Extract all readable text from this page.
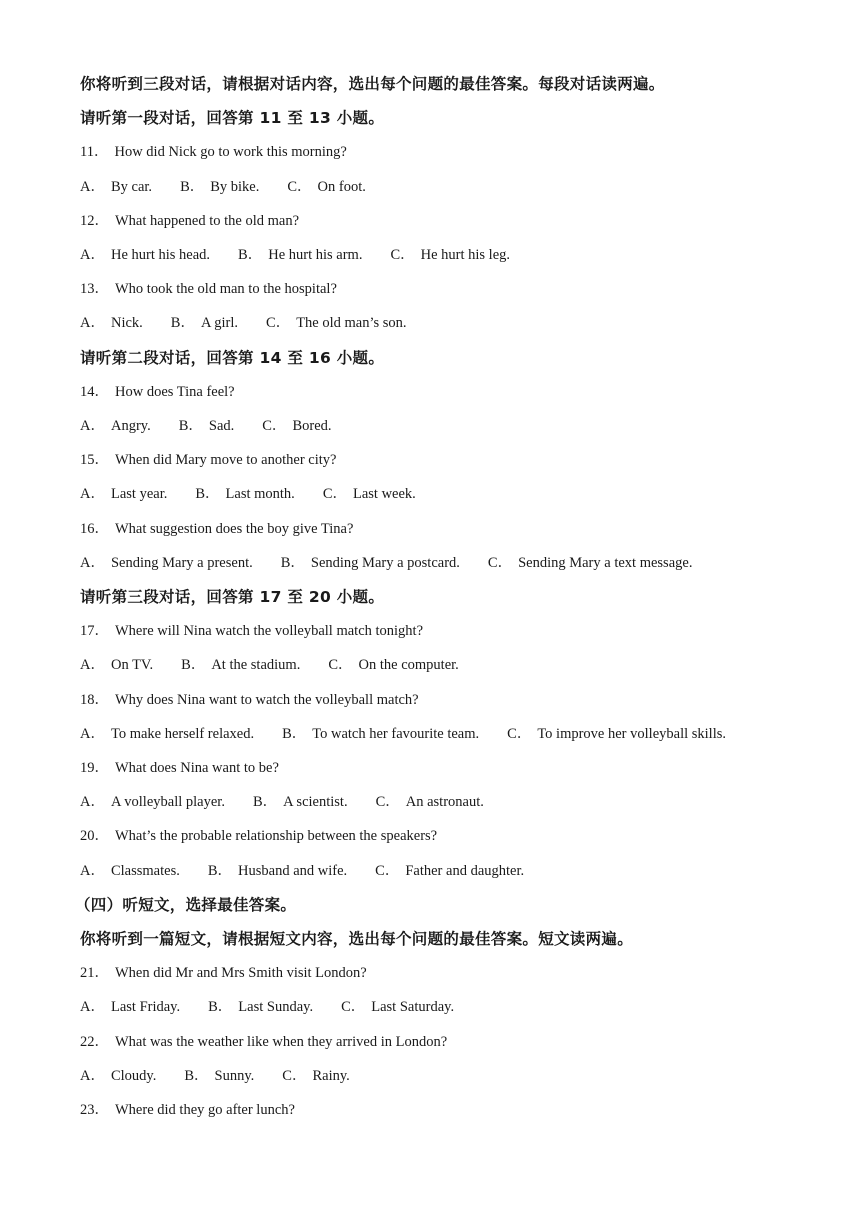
你将听到三段对话，请根据对话内容，选出每个问题的最佳答案。每段对话读两遍。
请听第一段对话，回答第 11 至 13 小题。
11． How did Nick go to work this morning?
A． By car. B． By bike. C． On foot.
12． What happened to the old man?
A． He hurt his head. B． He hurt his arm. C． He hurt his leg.
13． Who took the old man to the hospital?
A． Nick. B． A girl. C． The old man’s son.
请听第二段对话，回答第 14 至 16 小题。
14． How does Tina feel?
A． Angry. B． Sad. C． Bored.
15． When did Mary move to another city?
A． Last year. B． Last month. C． Last week.
16． What suggestion does the boy give Tina?
A． Sending Mary a present. B． Sending Mary a postcard. C． Sending Mary a text message.
请听第三段对话，回答第 17 至 20 小题。
17． Where will Nina watch the volleyball match tonight?
A． On TV. B． At the stadium. C． On the computer.
18． Why does Nina want to watch the volleyball match?
A． To make herself relaxed. B． To watch her favourite team. C． To improve her volleyball skills.
19． What does Nina want to be?
A． A volleyball player. B． A scientist. C． An astronaut.
20． What’s the probable relationship between the speakers?
A． Classmates. B． Husband and wife. C． Father and daughter.
（四）听短文，选择最佳答案。
你将听到一篇短文，请根据短文内容，选出每个问题的最佳答案。短文读两遍。
21． When did Mr and Mrs Smith visit London?
A． Last Friday. B． Last Sunday. C． Last Saturday.
22． What was the weather like when they arrived in London?
A． Cloudy. B． Sunny. C． Rainy.
23． Where did they go after lunch?
